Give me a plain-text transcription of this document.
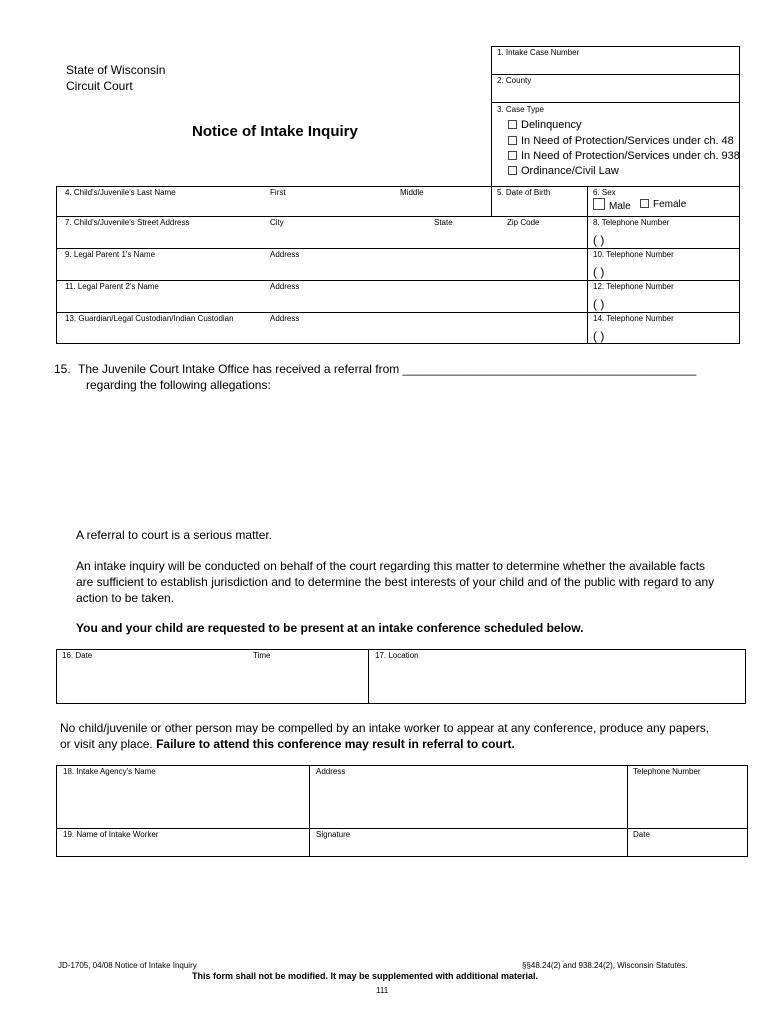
State of Wisconsin
Circuit Court
Notice of Intake Inquiry
1. Intake Case Number
2. County
3. Case Type
Delinquency
In Need of Protection/Services under ch. 48
In Need of Protection/Services under ch. 938
Ordinance/Civil Law
4. Child's/Juvenile's Last Name	First	Middle	5. Date of Birth	6. Sex
Male	Female
7. Child's/Juvenile's Street Address	City	State	Zip Code	8. Telephone Number
( )
9. Legal Parent 1's Name	Address	10. Telephone Number
( )
11. Legal Parent 2's Name	Address	12. Telephone Number
( )
13. Guardian/Legal Custodian/Indian Custodian	Address	14. Telephone Number
( )
15. The Juvenile Court Intake Office has received a referral from ____________________________________________
regarding the following allegations:
A referral to court is a serious matter.
An intake inquiry will be conducted on behalf of the court regarding this matter to determine whether the available facts are sufficient to establish jurisdiction and to determine the best interests of your child and of the public with regard to any action to be taken.
You and your child are requested to be present at an intake conference scheduled below.
16. Date	Time	17. Location
No child/juvenile or other person may be compelled by an intake worker to appear at any conference, produce any papers, or visit any place. Failure to attend this conference may result in referral to court.
18. Intake Agency's Name	Address	Telephone Number
19. Name of Intake Worker	Signature	Date
JD-1705, 04/08 Notice of Intake Inquiry	§§48.24(2) and 938.24(2), Wisconsin Statutes.
This form shall not be modified. It may be supplemented with additional material.
111
